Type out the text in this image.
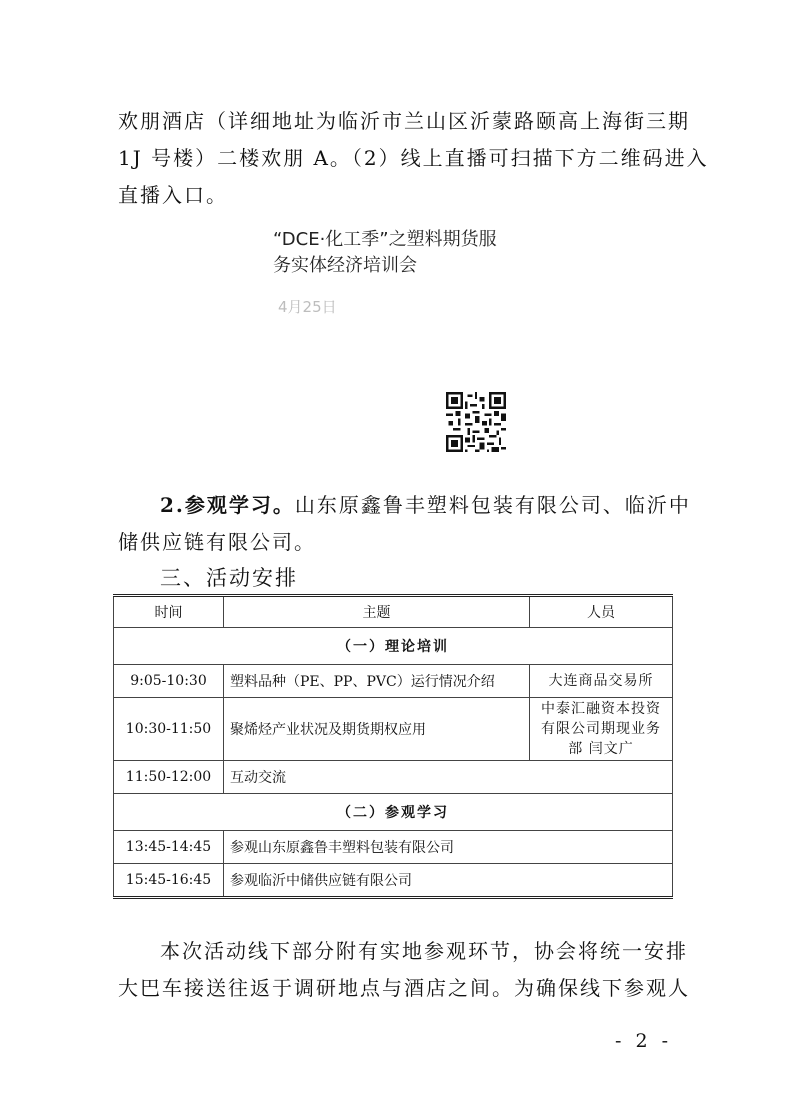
欢朋酒店（详细地址为临沂市兰山区沂蒙路颐高上海街三期
1J 号楼）二楼欢朋 A。（2）线上直播可扫描下方二维码进入
直播入口。
“DCE·化工季”之塑料期货服
务实体经济培训会
4月25日
2.参观学习。山东原鑫鲁丰塑料包装有限公司、临沂中
储供应链有限公司。
三、活动安排
时间	主题	人员
（一）理论培训		
9:05-10:30	塑料品种（PE、PP、PVC）运行情况介绍	大连商品交易所
10:30-11:50	聚烯烃产业状况及期货期权应用	中泰汇融资本投资
有限公司期现业务
部 闫文广

11:50-12:00	互动交流	
（二）参观学习		
13:45-14:45	参观山东原鑫鲁丰塑料包装有限公司	
15:45-16:45	参观临沂中储供应链有限公司	
本次活动线下部分附有实地参观环节，协会将统一安排
大巴车接送往返于调研地点与酒店之间。为确保线下参观人
- 2 -
